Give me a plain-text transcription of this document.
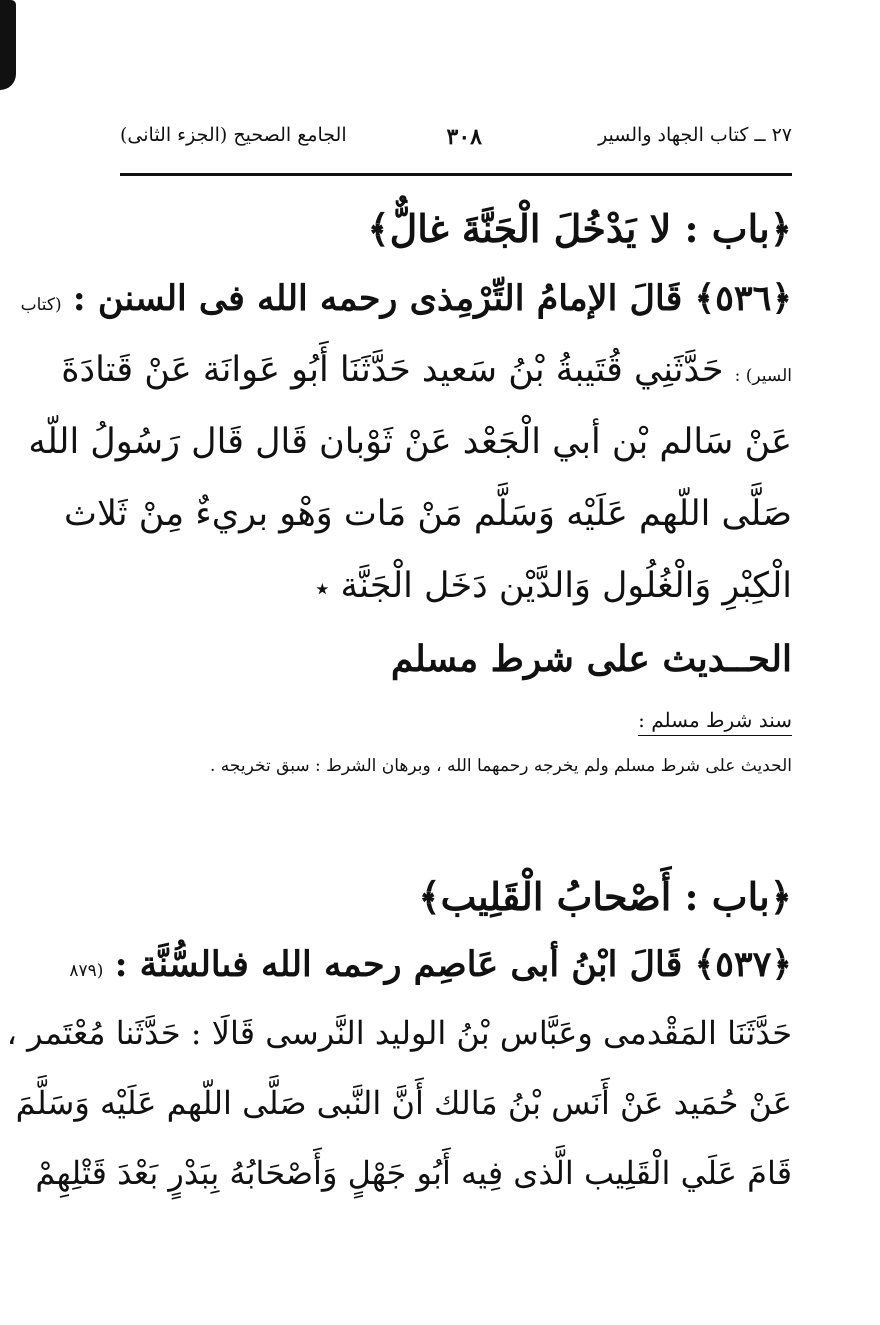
٢٧ ــ كتاب الجهاد والسير
٣٠٨
الجامع الصحيح (الجزء الثانى)
﴿باب : لا يَدْخُلَ الْجَنَّةَ غالٌّ﴾
﴿٥٣٦﴾ قَالَ الإمامُ التِّرْمِذى رحمه الله فى السنن : (كتاب
السير) : حَدَّثَنِي قُتَيبةُ بْنُ سَعيد حَدَّثَنَا أَبُو عَوانَة عَنْ قَتادَةَ
عَنْ سَالم بْن أبي الْجَعْد عَنْ ثَوْبان قَال قَال رَسُولُ اللّه
صَلَّى اللّهم عَلَيْه وَسَلَّم مَنْ مَات وَهْو بريءٌ مِنْ ثَلاث
الْكِبْرِ وَالْغُلُول وَالدَّيْن دَخَل الْجَنَّة ٭
الحــديث على شرط مسلم
سند شرط مسلم :
الحديث على شرط مسلم ولم يخرجه رحمهما الله ، وبرهان الشرط : سبق تخريجه .
﴿باب : أَصْحابُ الْقَلِيب﴾
﴿٥٣٧﴾ قَالَ ابْنُ أبى عَاصِم رحمه الله فىالسُّنَّة : (٨٧٩
حَدَّثَنَا المَقْدمى وعَبَّاس بْنُ الوليد النَّرسى قَالَا : حَدَّثَنا مُعْتَمر ،
عَنْ حُمَيد عَنْ أَنَس بْنُ مَالك أَنَّ النَّبى صَلَّى اللّهم عَلَيْه وَسَلَّمَ
قَامَ عَلَي الْقَلِيب الَّذى فِيه أَبُو جَهْلٍ وَأَصْحَابُهُ بِبَدْرٍ بَعْدَ قَتْلِهِمْ
